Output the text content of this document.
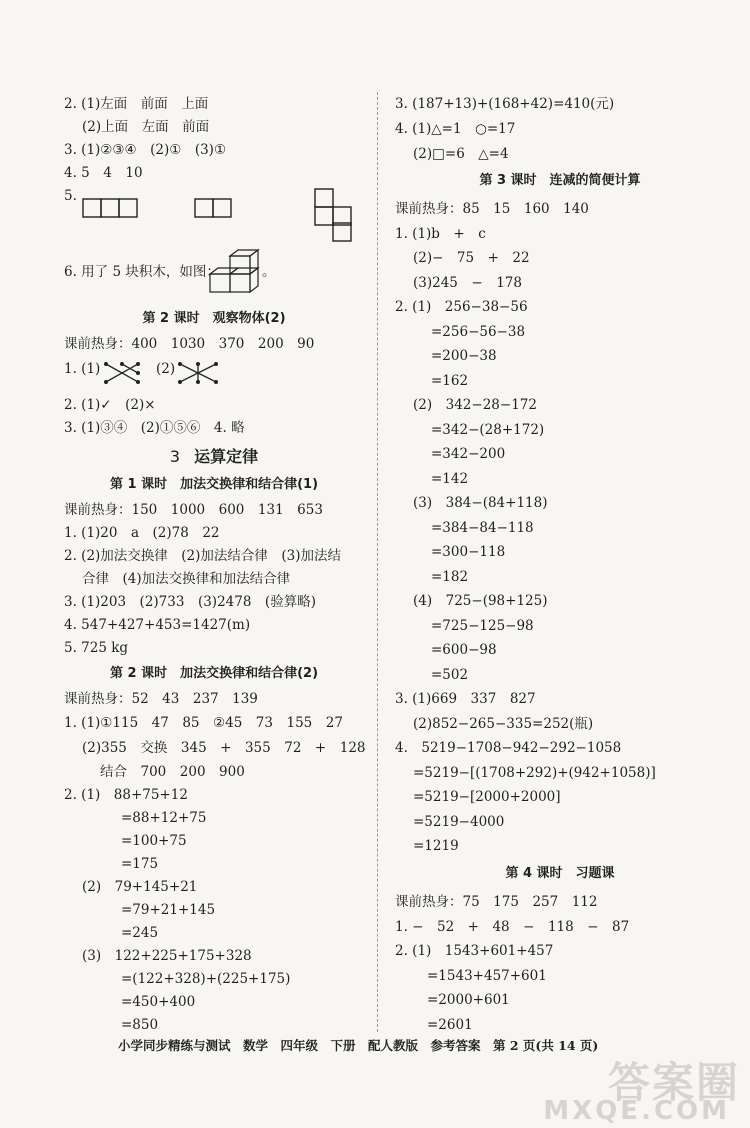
2. (1)左面　前面　上面
(2)上面　左面　前面
3. (1)②③④　(2)①　(3)①
4. 5　4　10
5.
6. 用了 5 块积木，如图：	。
第 2 课时　观察物体(2)
课前热身：400　1030　370　200　90
1. (1)	(2)
2. (1)✓　(2)×
3. (1)③④　(2)①⑤⑥　4. 略
3 运算定律
第 1 课时　加法交换律和结合律(1)
课前热身：150　1000　600　131　653
1. (1)20　a　(2)78　22
2. (2)加法交换律　(2)加法结合律　(3)加法结
合律　(4)加法交换律和加法结合律
3. (1)203　(2)733　(3)2478　(验算略)
4. 547+427+453=1427(m)
5. 725 kg
第 2 课时　加法交换律和结合律(2)
课前热身：52　43　237　139
1. (1)①115　47　85　②45　73　155　27
(2)355　交换　345　+　355　72　+　128
结合　700　200　900
2. (1)　88+75+12
=88+12+75
=100+75
=175
(2)　79+145+21
=79+21+145
=245
(3)　122+225+175+328
=(122+328)+(225+175)
=450+400
=850
3. (187+13)+(168+42)=410(元)
4. (1)△=1　○=17
(2)□=6　△=4
第 3 课时　连减的简便计算
课前热身：85　15　160　140
1. (1)b　+　c
(2)−　75　+　22
(3)245　−　178
2. (1)　256−38−56
=256−56−38
=200−38
=162
(2)　342−28−172
=342−(28+172)
=342−200
=142
(3)　384−(84+118)
=384−84−118
=300−118
=182
(4)　725−(98+125)
=725−125−98
=600−98
=502
3. (1)669　337　827
(2)852−265−335=252(瓶)
4.　5219−1708−942−292−1058
=5219−[(1708+292)+(942+1058)]
=5219−[2000+2000]
=5219−4000
=1219
第 4 课时　习题课
课前热身：75　175　257　112
1. −　52　+　48　−　118　−　87
2. (1)　1543+601+457
=1543+457+601
=2000+601
=2601
小学同步精练与测试　数学　四年级　下册　配人教版　参考答案　第 2 页(共 14 页)
答案圈
MXQE.COM
